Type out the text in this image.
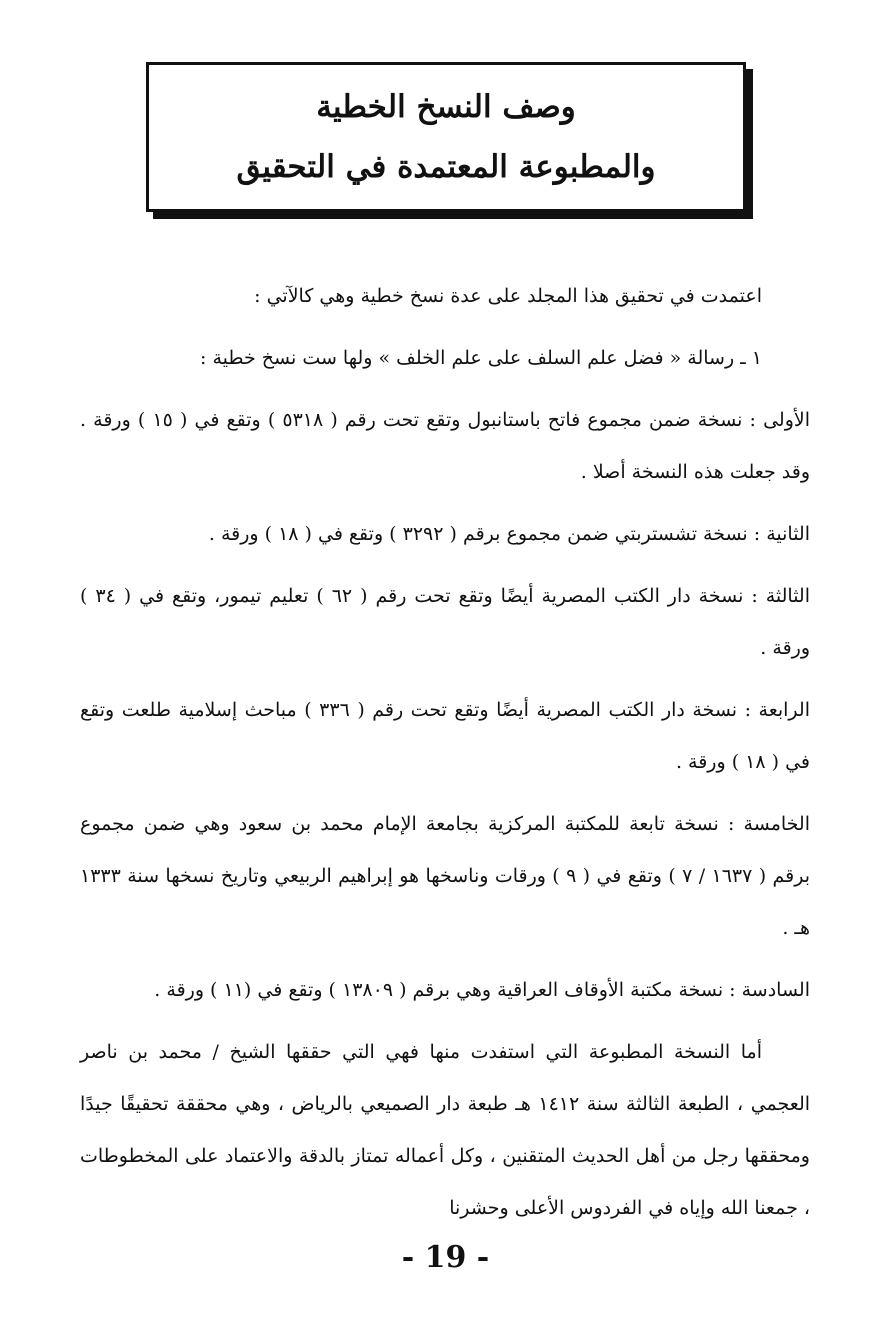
وصف النسخ الخطية
والمطبوعة المعتمدة في التحقيق

اعتمدت في تحقيق هذا المجلد على عدة نسخ خطية وهي كالآتي :

١ ـ رسالة « فضل علم السلف على علم الخلف » ولها ست نسخ خطية :

الأولى : نسخة ضمن مجموع فاتح باستانبول وتقع تحت رقم ( ٥٣١٨ ) وتقع في ( ١٥ ) ورقة . وقد جعلت هذه النسخة أصلا .

الثانية : نسخة تشستربتي ضمن مجموع برقم ( ٣٢٩٢ ) وتقع في ( ١٨ ) ورقة .

الثالثة : نسخة دار الكتب المصرية أيضًا وتقع تحت رقم ( ٦٢ ) تعليم تيمور، وتقع في ( ٣٤ ) ورقة .

الرابعة : نسخة دار الكتب المصرية أيضًا وتقع تحت رقم ( ٣٣٦ ) مباحث إسلامية طلعت وتقع في ( ١٨ ) ورقة .

الخامسة : نسخة تابعة للمكتبة المركزية بجامعة الإمام محمد بن سعود وهي ضمن مجموع برقم ( ١٦٣٧ / ٧ ) وتقع في ( ٩ ) ورقات وناسخها هو إبراهيم الربيعي وتاريخ نسخها سنة ١٣٣٣ هـ .

السادسة : نسخة مكتبة الأوقاف العراقية وهي برقم ( ١٣٨٠٩ ) وتقع في (١١ ) ورقة .

أما النسخة المطبوعة التي استفدت منها فهي التي حققها الشيخ / محمد بن ناصر العجمي ، الطبعة الثالثة سنة ١٤١٢ هـ طبعة دار الصميعي بالرياض ، وهي محققة تحقيقًا جيدًا ومحققها رجل من أهل الحديث المتقنين ، وكل أعماله تمتاز بالدقة والاعتماد على المخطوطات ، جمعنا الله وإياه في الفردوس الأعلى وحشرنا

- 19 -
